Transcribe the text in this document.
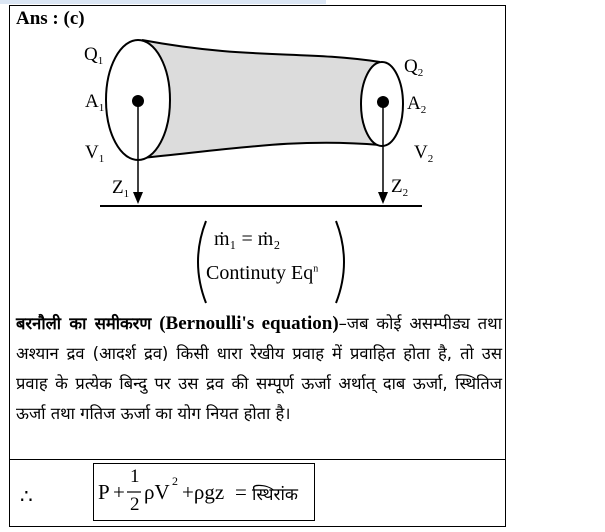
Ans : (c)
$Q_1$
$A_1$
$V_1$
$Z_1$
$Q_2$
$A_2$
$V_2$
$Z_2$
ṁ₁ = ṁ₂
Continuty Eq$^n$
बरनौली का समीकरण (Bernoulli's equation)–जब कोई असम्पीड्य तथा अश्यान द्रव (आदर्श द्रव) किसी धारा रेखीय प्रवाह में प्रवाहित होता है, तो उस प्रवाह के प्रत्येक बिन्दु पर उस द्रव की सम्पूर्ण ऊर्जा अर्थात् दाब ऊर्जा, स्थितिज ऊर्जा तथा गतिज ऊर्जा का योग नियत होता है।
∴	P +
1
2
ρV 2 +ρgz = स्थिरांक
